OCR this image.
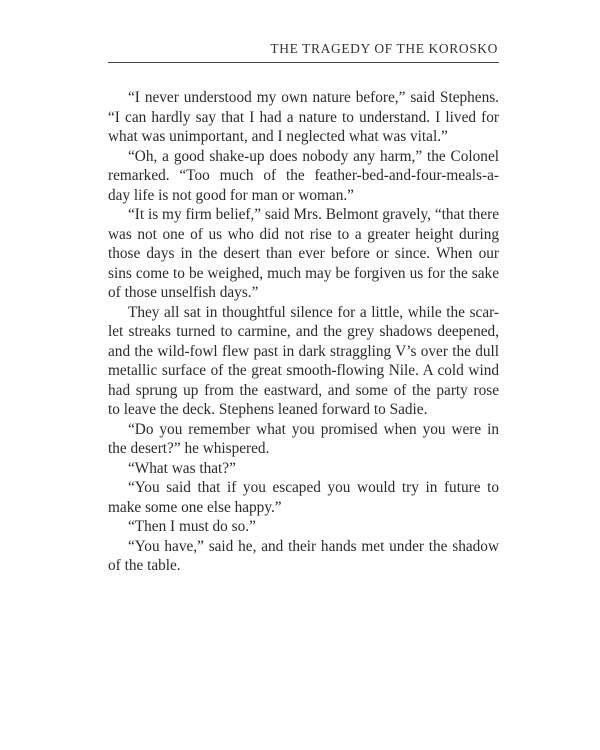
THE TRAGEDY OF THE KOROSKO
“I never understood my own nature before,” said Stephens.
“I can hardly say that I had a nature to understand. I lived for
what was unimportant, and I neglected what was vital.”
“Oh, a good shake-up does nobody any harm,” the Colonel
remarked. “Too much of the feather-bed-and-four-meals-a-
day life is not good for man or woman.”
“It is my firm belief,” said Mrs. Belmont gravely, “that there
was not one of us who did not rise to a greater height during
those days in the desert than ever before or since. When our
sins come to be weighed, much may be forgiven us for the sake
of those unselfish days.”
They all sat in thoughtful silence for a little, while the scar-
let streaks turned to carmine, and the grey shadows deepened,
and the wild-fowl flew past in dark straggling V’s over the dull
metallic surface of the great smooth-flowing Nile. A cold wind
had sprung up from the eastward, and some of the party rose
to leave the deck. Stephens leaned forward to Sadie.
“Do you remember what you promised when you were in
the desert?” he whispered.
“What was that?”
“You said that if you escaped you would try in future to
make some one else happy.”
“Then I must do so.”
“You have,” said he, and their hands met under the shadow
of the table.
